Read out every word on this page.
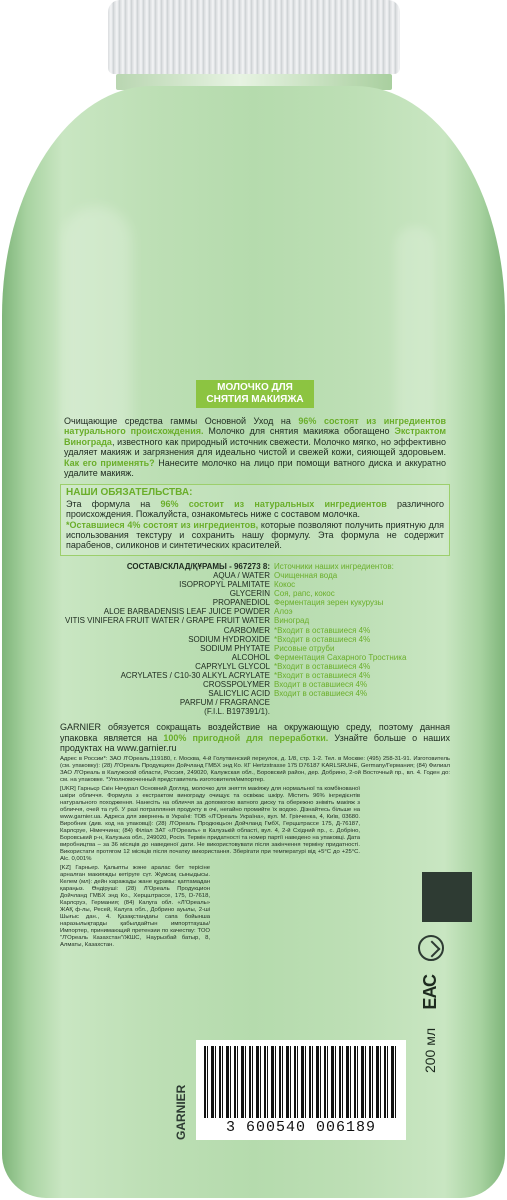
МОЛОЧКО ДЛЯ
СНЯТИЯ МАКИЯЖА

Очищающие средства гаммы Основной Уход на 96% состоят из ингредиентов натурального происхождения. Молочко для снятия макияжа обогащено Экстрактом Винограда, известного как природный источник свежести. Молочко мягко, но эффективно удаляет макияж и загрязнения для идеально чистой и свежей кожи, сияющей здоровьем. Как его применять? Нанесите молочко на лицо при помощи ватного диска и аккуратно удалите макияж.

НАШИ ОБЯЗАТЕЛЬСТВА:

Эта формула на 96% состоит из натуральных ингредиентов различного происхождения. Пожалуйста, ознакомьтесь ниже с составом молочка.

*Оставшиеся 4% состоят из ингредиентов, которые позволяют получить приятную для использования текстуру и сохранить нашу формулу. Эта формула не содержит парабенов, силиконов и синтетических красителей.

СОСТАВ/СКЛАД/ҚҰРАМЫ - 967273 8:
AQUA / WATER
ISOPROPYL PALMITATE
GLYCERIN
PROPANEDIOL
ALOE BARBADENSIS LEAF JUICE POWDER
VITIS VINIFERA FRUIT WATER / GRAPE FRUIT WATER
CARBOMER
SODIUM HYDROXIDE
SODIUM PHYTATE
ALCOHOL
CAPRYLYL GLYCOL
ACRYLATES / C10-30 ALKYL ACRYLATE CROSSPOLYMER
SALICYLIC ACID
PARFUM / FRAGRANCE
(F.I.L. B197391/1).
Источники наших ингредиентов:
Очищенная вода
Кокос
Соя, рапс, кокос
Ферментация зерен кукурузы
Алоэ
Виноград
*Входит в оставшиеся 4%
*Входит в оставшиеся 4%
Рисовые отруби
Ферментация Сахарного Тростника
*Входит в оставшиеся 4%
*Входит в оставшиеся 4%
Входит в оставшиеся 4%
Входит в оставшиеся 4%
GARNIER обязуется сокращать воздействие на окружающую среду, поэтому данная упаковка является на 100% пригодной для переработки. Узнайте больше о наших продуктах на www.garnier.ru

Адрес в России*: ЗАО Л'Ореаль,119180, г. Москва, 4-й Голутвинский переулок, д. 1/8, стр. 1-2. Тел. в Москве: (495) 258-31-91. Изготовитель (см. упаковку): (28) Л'Ореаль Продукцион Дойчланд ГМБХ энд Ко. КГ Hertzstrasse 175 D76187 KARLSRUHE, Germany/Германия; (84) Филиал ЗАО Л'Ореаль в Калужской области, Россия, 249020, Калужская обл., Боровский район, дер. Добрино, 2-ой Восточный пр., вл. 4. Годен до: см. на упаковке. *Уполномоченный представитель изготовителя/импортер.

[UKR] Гарньєр Скін Нечурал Основний Догляд, молочко для зняття макіяжу для нормальної та комбінованої шкіри обличчя. Формула з екстрактом винограду очищує та освіжає шкіру. Містить 96% інгредієнтів натурального походження. Нанесіть на обличчя за допомогою ватного диску та обережно зніміть макіяж з обличчя, очей та губ. У разі потрапляння продукту в очі, негайно промийте їх водою. Дізнайтесь більше на www.garnier.ua. Адреса для звернень в Україні: ТОВ «Л'Ореаль Україна», вул. М. Грінченка, 4, Київ, 03680. Виробник (див. код на упаковці): (28) Л'Ореаль Продюкцьон Дойчланд ГмбХ, Герцштрассе 175, Д-76187, Карлсруе, Німеччина; (84) Філіал ЗАТ «Л'Ореаль» в Калузькій області, вул. 4, 2-й Східний пр., с. Добріно, Боровський р-н, Калузька обл., 249020, Росія. Термін придатності та номер партії наведено на упаковці. Дата виробництва – за 36 місяців до наведеної дати. Не використовувати після закінчення терміну придатності. Використати протягом 12 місяців після початку використання. Зберігати при температурі від +5°C до +25°C. Alc. 0,001%

[KZ] Гарньер. Қалыпты және аралас бет терісіне арналған макияжды кетіруге сүт. Жұмсақ сыныдысы. Келем (мл): дейн каражады жане құрамы: қаптамадан қараңыз. Өндіруші: (28) Л'Ореаль Продукцион Дойчланд ГМБХ энд Ко., Херцштрассе, 175, D-7618, Карлсруэ, Германия; (84) Калуга обл. «Л'Ореаль» ЖАҚ ф-лы, Ресей, Калуга обл., Добрино ауылы, 2-ші Шығыс дан., 4. Қазақстандағы сапа бойынша наразылықтарды қабылдайтын импорттаушы/ Импортер, принимающий претензии по качеству: ТОО "Л'Ореаль Казахстан"/ЖШС, Наурызбай батыр, 8, Алматы, Казахстан.

ЕАС
200 мл
GARNIER	3 600540 006189
